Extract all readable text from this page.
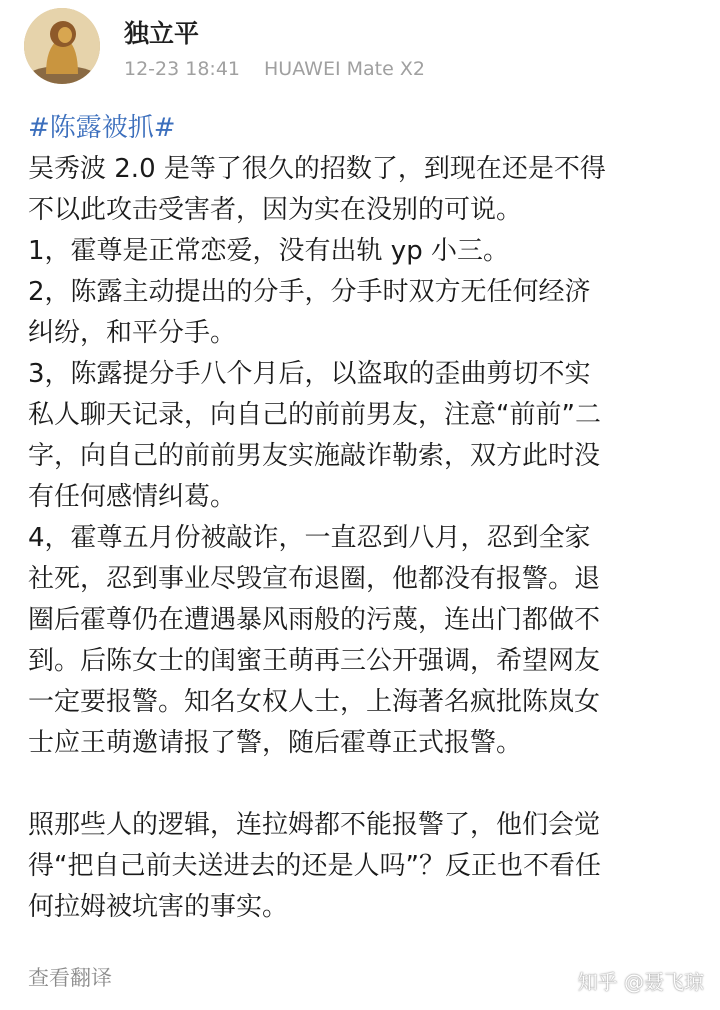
独立平
12-23 18:41 HUAWEI Mate X2
#陈露被抓#

吴秀波 2.0 是等了很久的招数了，到现在还是不得

不以此攻击受害者，因为实在没别的可说。

1，霍尊是正常恋爱，没有出轨 yp 小三。

2，陈露主动提出的分手，分手时双方无任何经济

纠纷，和平分手。

3，陈露提分手八个月后，以盗取的歪曲剪切不实

私人聊天记录，向自己的前前男友，注意“前前”二

字，向自己的前前男友实施敲诈勒索，双方此时没

有任何感情纠葛。

4，霍尊五月份被敲诈，一直忍到八月，忍到全家

社死，忍到事业尽毁宣布退圈，他都没有报警。退

圈后霍尊仍在遭遇暴风雨般的污蔑，连出门都做不

到。后陈女士的闺蜜王萌再三公开强调，希望网友

一定要报警。知名女权人士，上海著名疯批陈岚女

士应王萌邀请报了警，随后霍尊正式报警。

照那些人的逻辑，连拉姆都不能报警了，他们会觉

得“把自己前夫送进去的还是人吗”？反正也不看任

何拉姆被坑害的事实。

查看翻译	知乎 @聂飞琼
